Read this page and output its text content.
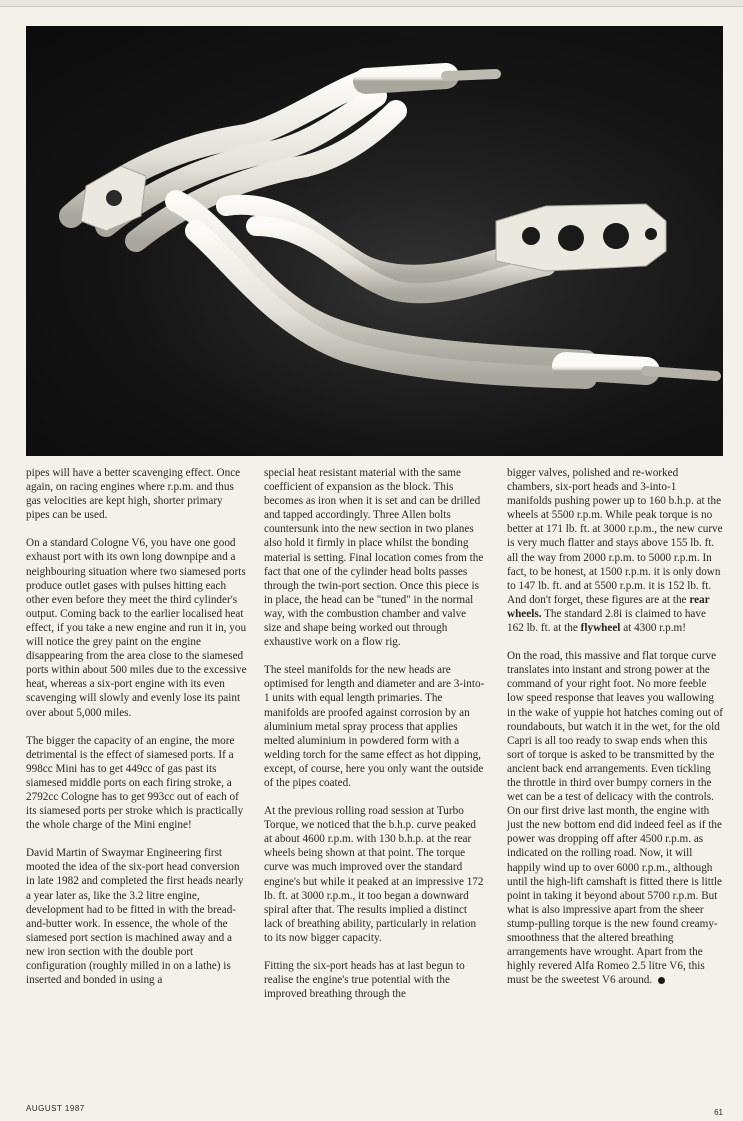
pipes will have a better scavenging effect. Once again, on racing engines where r.p.m. and thus gas velocities are kept high, shorter primary pipes can be used.

On a standard Cologne V6, you have one good exhaust port with its own long downpipe and a neighbouring situation where two siamesed ports produce outlet gases with pulses hitting each other even before they meet the third cylinder's output. Coming back to the earlier localised heat effect, if you take a new engine and run it in, you will notice the grey paint on the engine disappearing from the area close to the siamesed ports within about 500 miles due to the excessive heat, whereas a six-port engine with its even scavenging will slowly and evenly lose its paint over about 5,000 miles.

The bigger the capacity of an engine, the more detrimental is the effect of siamesed ports. If a 998cc Mini has to get 449cc of gas past its siamesed middle ports on each firing stroke, a 2792cc Cologne has to get 993cc out of each of its siamesed ports per stroke which is practically the whole charge of the Mini engine!

David Martin of Swaymar Engineering first mooted the idea of the six-port head conversion in late 1982 and completed the first heads nearly a year later as, like the 3.2 litre engine, development had to be fitted in with the bread-and-butter work. In essence, the whole of the siamesed port section is machined away and a new iron section with the double port configuration (roughly milled in on a lathe) is inserted and bonded in using a

special heat resistant material with the same coefficient of expansion as the block. This becomes as iron when it is set and can be drilled and tapped accordingly. Three Allen bolts countersunk into the new section in two planes also hold it firmly in place whilst the bonding material is setting. Final location comes from the fact that one of the cylinder head bolts passes through the twin-port section. Once this piece is in place, the head can be "tuned" in the normal way, with the combustion chamber and valve size and shape being worked out through exhaustive work on a flow rig.

The steel manifolds for the new heads are optimised for length and diameter and are 3-into-1 units with equal length primaries. The manifolds are proofed against corrosion by an aluminium metal spray process that applies melted aluminium in powdered form with a welding torch for the same effect as hot dipping, except, of course, here you only want the outside of the pipes coated.

At the previous rolling road session at Turbo Torque, we noticed that the b.h.p. curve peaked at about 4600 r.p.m. with 130 b.h.p. at the rear wheels being shown at that point. The torque curve was much improved over the standard engine's but while it peaked at an impressive 172 lb. ft. at 3000 r.p.m., it too began a downward spiral after that. The results implied a distinct lack of breathing ability, particularly in relation to its now bigger capacity.

Fitting the six-port heads has at last begun to realise the engine's true potential with the improved breathing through the

bigger valves, polished and re-worked chambers, six-port heads and 3-into-1 manifolds pushing power up to 160 b.h.p. at the wheels at 5500 r.p.m. While peak torque is no better at 171 lb. ft. at 3000 r.p.m., the new curve is very much flatter and stays above 155 lb. ft. all the way from 2000 r.p.m. to 5000 r.p.m. In fact, to be honest, at 1500 r.p.m. it is only down to 147 lb. ft. and at 5500 r.p.m. it is 152 lb. ft. And don't forget, these figures are at the rear wheels. The standard 2.8i is claimed to have 162 lb. ft. at the flywheel at 4300 r.p.m!

On the road, this massive and flat torque curve translates into instant and strong power at the command of your right foot. No more feeble low speed response that leaves you wallowing in the wake of yuppie hot hatches coming out of roundabouts, but watch it in the wet, for the old Capri is all too ready to swap ends when this sort of torque is asked to be transmitted by the ancient back end arrangements. Even tickling the throttle in third over bumpy corners in the wet can be a test of delicacy with the controls. On our first drive last month, the engine with just the new bottom end did indeed feel as if the power was dropping off after 4500 r.p.m. as indicated on the rolling road. Now, it will happily wind up to over 6000 r.p.m., although until the high-lift camshaft is fitted there is little point in taking it beyond about 5700 r.p.m. But what is also impressive apart from the sheer stump-pulling torque is the new found creamy-smoothness that the altered breathing arrangements have wrought. Apart from the highly revered Alfa Romeo 2.5 litre V6, this must be the sweetest V6 around.

AUGUST 1987	61
